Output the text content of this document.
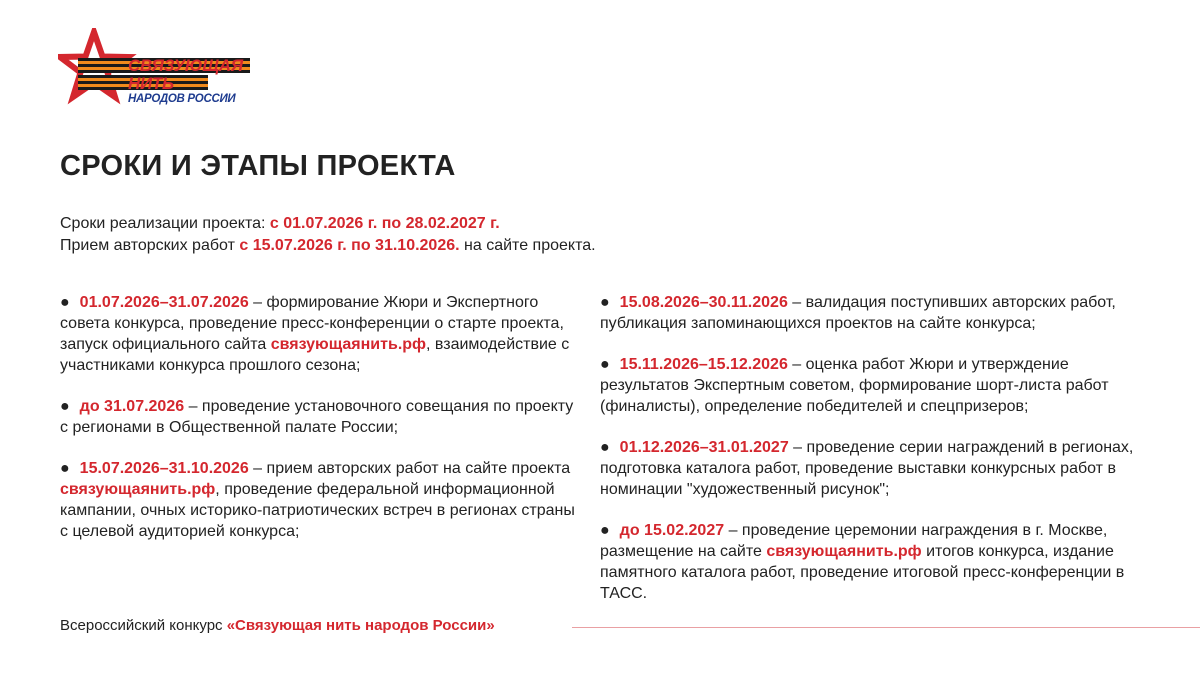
СВЯЗУЮЩАЯ
НИТЬ
НАРОДОВ РОССИИ
СРОКИ И ЭТАПЫ ПРОЕКТА
Сроки реализации проекта: с 01.07.2026 г. по 28.02.2027 г.
Прием авторских работ с 15.07.2026 г. по 31.10.2026. на сайте проекта.

● 01.07.2026–31.07.2026 – формирование Жюри и Экспертного совета конкурса, проведение пресс-конференции о старте проекта, запуск официального сайта связующаянить.рф, взаимодействие с участниками конкурса прошлого сезона;

● до 31.07.2026 – проведение установочного совещания по проекту с регионами в Общественной палате России;

● 15.07.2026–31.10.2026 – прием авторских работ на сайте проекта связующаянить.рф, проведение федеральной информационной кампании, очных историко-патриотических встреч в регионах страны с целевой аудиторией конкурса;

● 15.08.2026–30.11.2026 – валидация поступивших авторских работ, публикация запоминающихся проектов на сайте конкурса;

● 15.11.2026–15.12.2026 – оценка работ Жюри и утверждение результатов Экспертным советом, формирование шорт-листа работ (финалисты), определение победителей и спецпризеров;

● 01.12.2026–31.01.2027 – проведение серии награждений в регионах, подготовка каталога работ, проведение выставки конкурсных работ в номинации "художественный рисунок";

● до 15.02.2027 – проведение церемонии награждения в г. Москве, размещение на сайте связующаянить.рф итогов конкурса, издание памятного каталога работ, проведение итоговой пресс-конференции в ТАСС.

Всероссийский конкурс «Связующая нить народов России»
